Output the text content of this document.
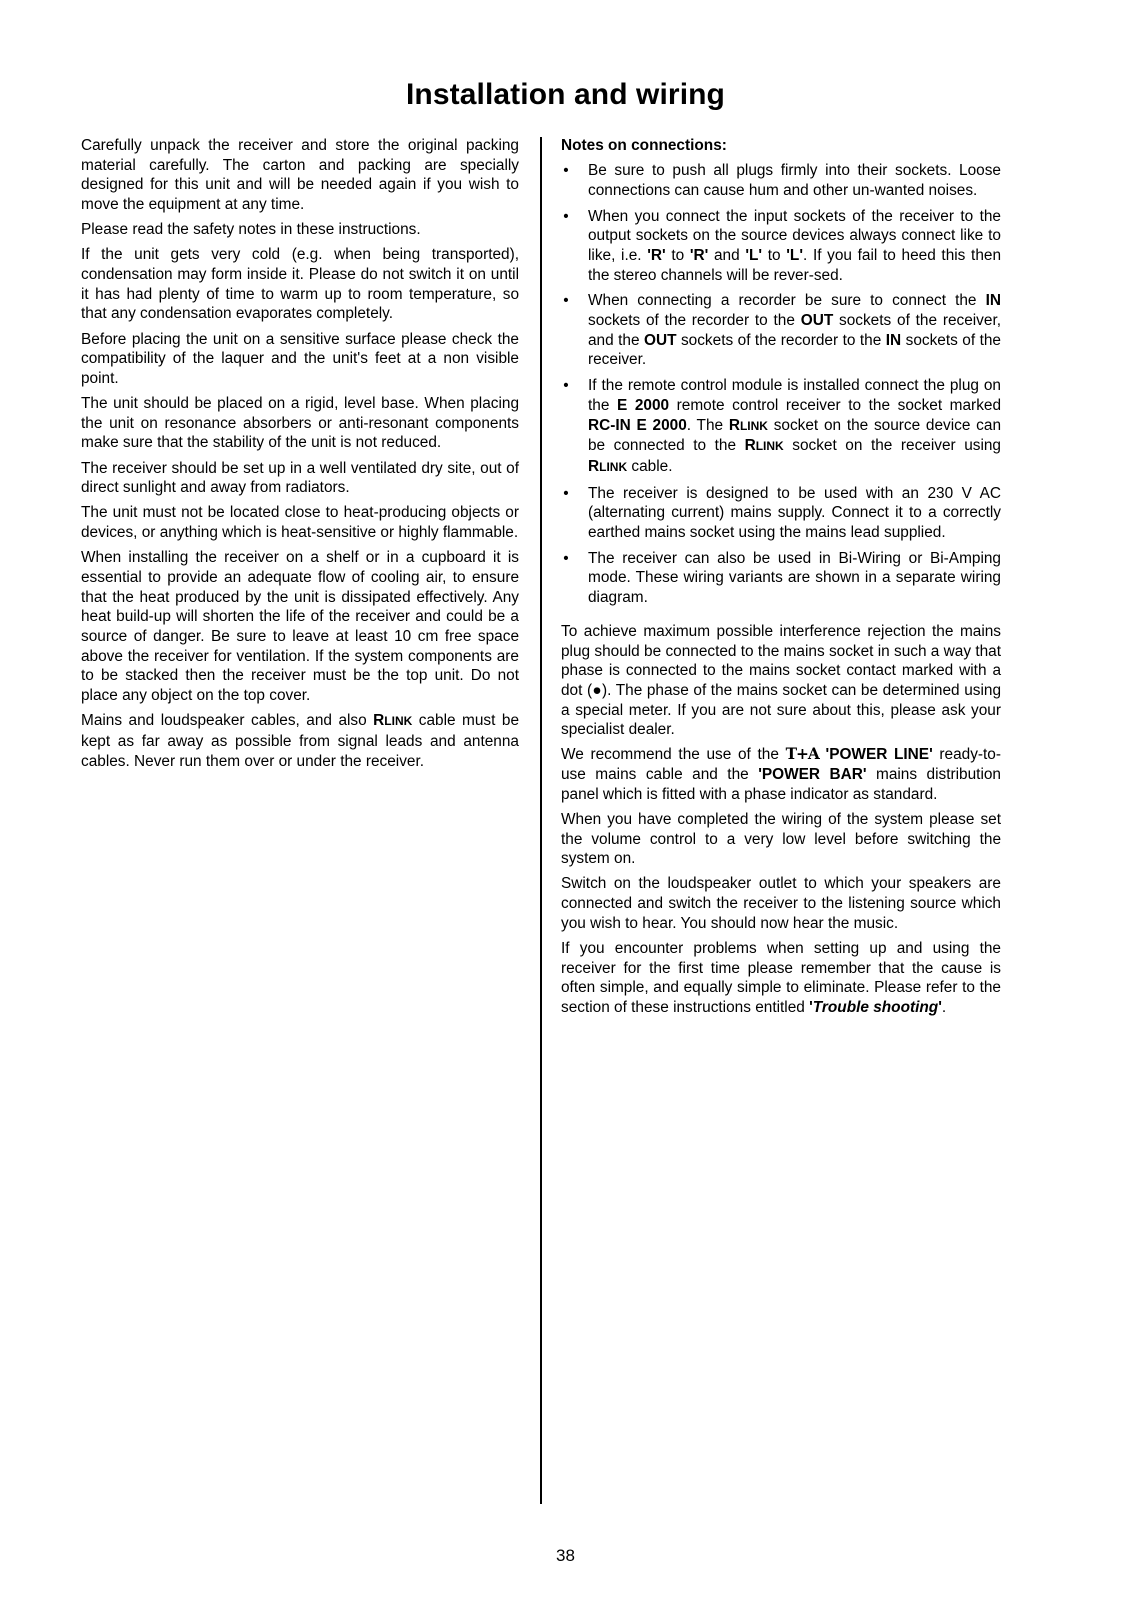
Installation and wiring

Carefully unpack the receiver and store the original packing material carefully. The carton and packing are specially designed for this unit and will be needed again if you wish to move the equipment at any time.

Please read the safety notes in these instructions.

If the unit gets very cold (e.g. when being transported), condensation may form inside it. Please do not switch it on until it has had plenty of time to warm up to room temperature, so that any condensation evaporates completely.

Before placing the unit on a sensitive surface please check the compatibility of the laquer and the unit's feet at a non visible point.

The unit should be placed on a rigid, level base. When placing the unit on resonance absorbers or anti-resonant components make sure that the stability of the unit is not reduced.

The receiver should be set up in a well ventilated dry site, out of direct sunlight and away from radiators.

The unit must not be located close to heat-producing objects or devices, or anything which is heat-sensitive or highly flammable.

When installing the receiver on a shelf or in a cupboard it is essential to provide an adequate flow of cooling air, to ensure that the heat produced by the unit is dissipated effectively. Any heat build-up will shorten the life of the receiver and could be a source of danger. Be sure to leave at least 10 cm free space above the receiver for ventilation. If the system components are to be stacked then the receiver must be the top unit. Do not place any object on the top cover.

Mains and loudspeaker cables, and also RLINK cable must be kept as far away as possible from signal leads and antenna cables. Never run them over or under the receiver.

Notes on connections:

• Be sure to push all plugs firmly into their sockets. Loose connections can cause hum and other un-wanted noises.
• When you connect the input sockets of the receiver to the output sockets on the source devices always connect like to like, i.e. 'R' to 'R' and 'L' to 'L'. If you fail to heed this then the stereo channels will be rever-sed.
• When connecting a recorder be sure to connect the IN sockets of the recorder to the OUT sockets of the receiver, and the OUT sockets of the recorder to the IN sockets of the receiver.
• If the remote control module is installed connect the plug on the E 2000 remote control receiver to the socket marked RC-IN E 2000. The RLINK socket on the source device can be connected to the RLINK socket on the receiver using RLINK cable.
• The receiver is designed to be used with an 230 V AC (alternating current) mains supply. Connect it to a correctly earthed mains socket using the mains lead supplied.
• The receiver can also be used in Bi-Wiring or Bi-Amping mode. These wiring variants are shown in a separate wiring diagram.

To achieve maximum possible interference rejection the mains plug should be connected to the mains socket in such a way that phase is connected to the mains socket contact marked with a dot (●). The phase of the mains socket can be determined using a special meter. If you are not sure about this, please ask your specialist dealer.

We recommend the use of the T+A 'POWER LINE' ready-to-use mains cable and the 'POWER BAR' mains distribution panel which is fitted with a phase indicator as standard.

When you have completed the wiring of the system please set the volume control to a very low level before switching the system on.

Switch on the loudspeaker outlet to which your speakers are connected and switch the receiver to the listening source which you wish to hear. You should now hear the music.

If you encounter problems when setting up and using the receiver for the first time please remember that the cause is often simple, and equally simple to eliminate. Please refer to the section of these instructions entitled 'Trouble shooting'.

38
